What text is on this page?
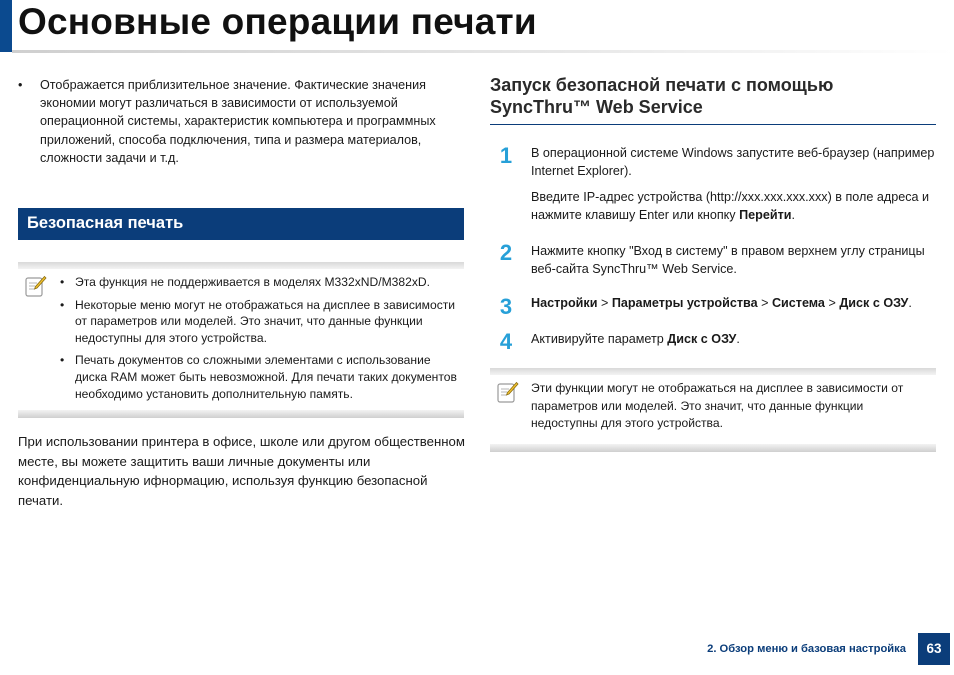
Основные операции печати
• Отображается приблизительное значение. Фактические значения экономии могут различаться в зависимости от используемой операционной системы, характеристик компьютера и программных приложений, способа подключения, типа и размера материалов, сложности задачи и т.д.
Безопасная печать
• Эта функция не поддерживается в моделях M332xND/M382xD.
• Некоторые меню могут не отображаться на дисплее в зависимости от параметров или моделей. Это значит, что данные функции недоступны для этого устройства.
• Печать документов со сложными элементами с использование диска RAM может быть невозможной. Для печати таких документов необходимо установить дополнительную память.
При использовании принтера в офисе, школе или другом общественном месте, вы можете защитить ваши личные документы или конфиденциальную ифнормацию, используя функцию безопасной печати.
Запуск безопасной печати с помощью SyncThru™ Web Service
1	В операционной системе Windows запустите веб-браузер (например Internet Explorer).
Введите IP-адрес устройства (http://xxx.xxx.xxx.xxx) в поле адреса и нажмите клавишу Enter или кнопку Перейти.
2	Нажмите кнопку "Вход в систему" в правом верхнем углу страницы веб-сайта SyncThru™ Web Service.
3	Настройки > Параметры устройства > Система > Диск с ОЗУ.
4	Активируйте параметр Диск с ОЗУ.
Эти функции могут не отображаться на дисплее в зависимости от параметров или моделей. Это значит, что данные функции недоступны для этого устройства.
2. Обзор меню и базовая настройка	63
